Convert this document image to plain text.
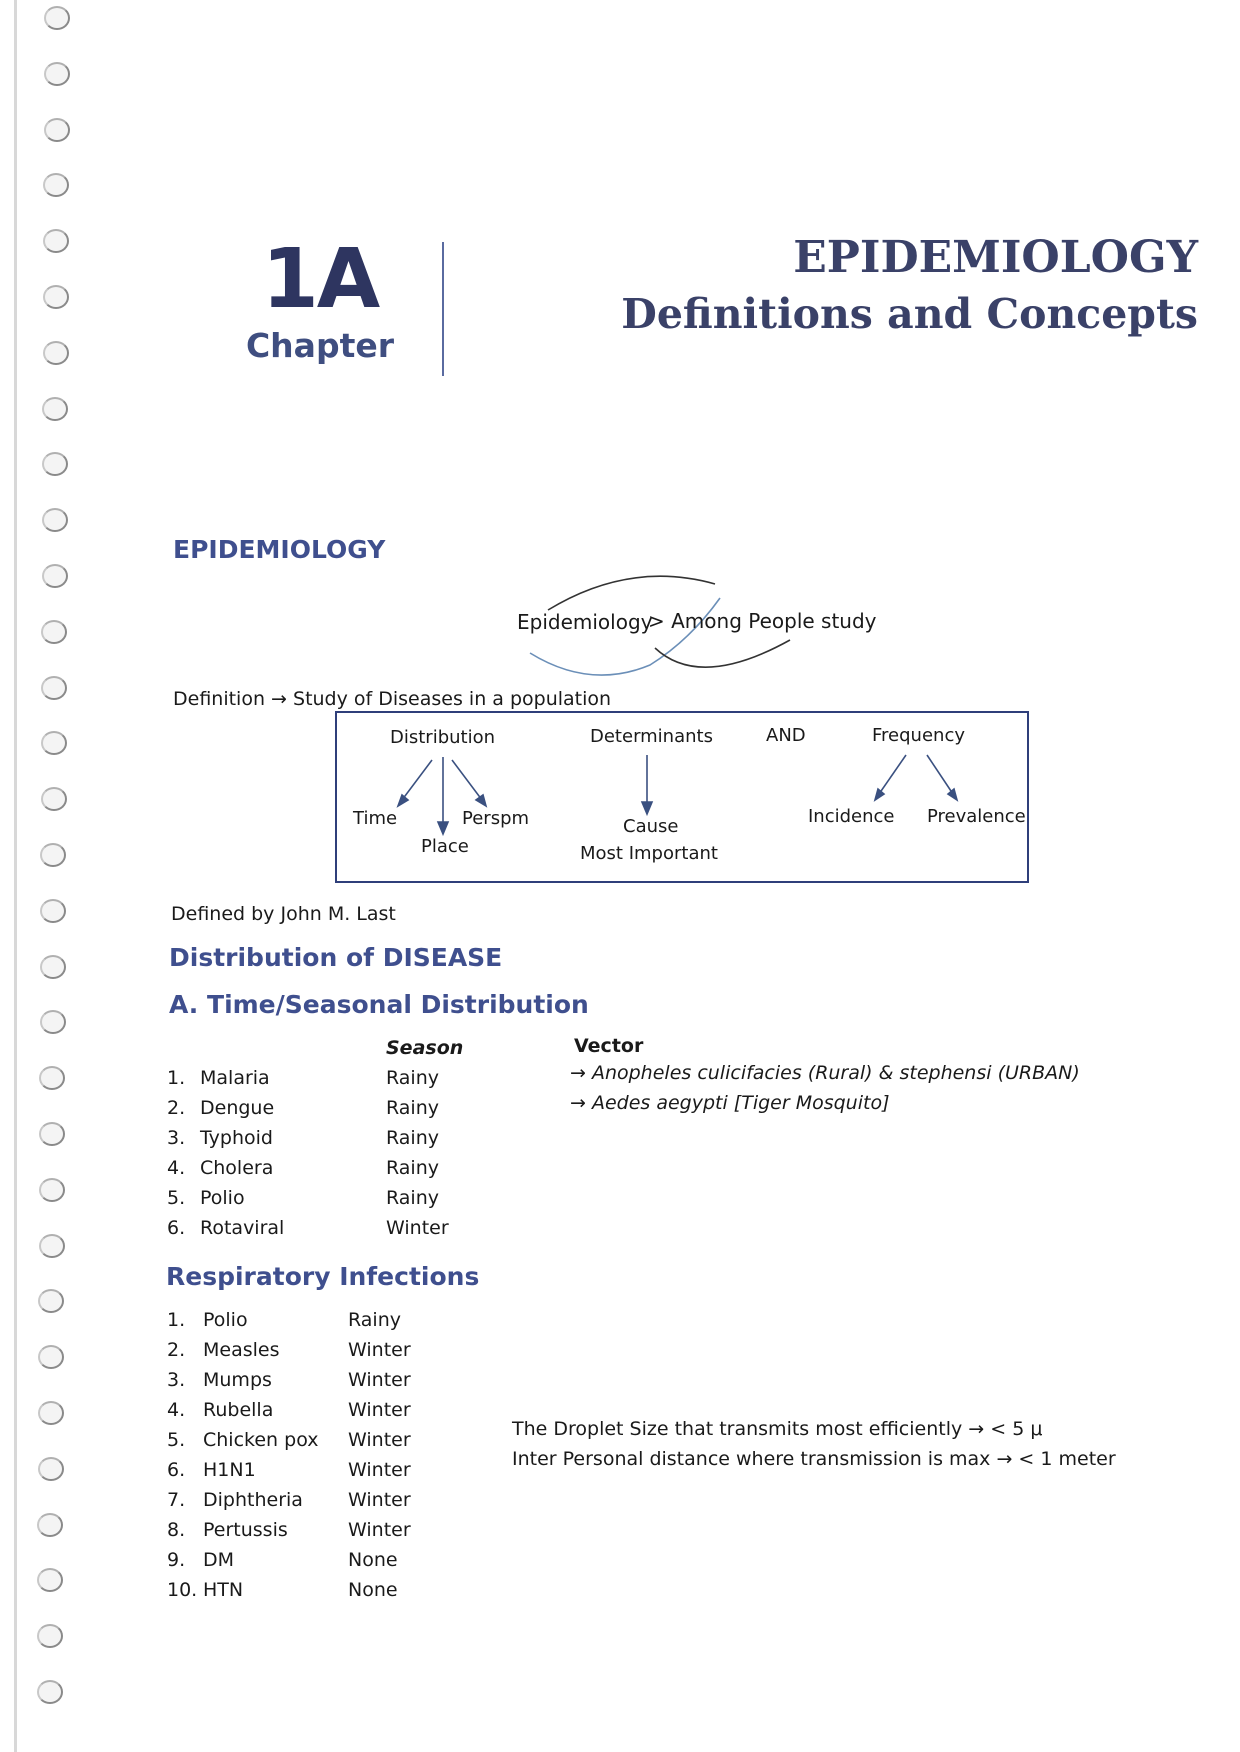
1A
Chapter
EPIDEMIOLOGY
Definitions and Concepts
EPIDEMIOLOGY
Epidemiology
> Among People study
Definition → Study of Diseases in a population
Distribution	Determinants	AND	Frequency
Time
Place
Perspm	Cause
Most Important
Incidence Prevalence
Defined by John M. Last
Distribution of DISEASE
A. Time/Seasonal Distribution
Season	Vector
1. Malaria	Rainy	→ Anopheles culicifacies (Rural) & stephensi (URBAN)
2. Dengue	Rainy	→ Aedes aegypti [Tiger Mosquito]
3. Typhoid	Rainy
4. Cholera	Rainy
5. Polio	Rainy
6. Rotaviral	Winter
Respiratory Infections
1. Polio	Rainy
2. Measles	Winter
3. Mumps	Winter
4. Rubella	Winter
5. Chicken pox Winter
6. H1N1	Winter
7. Diphtheria Winter
8. Pertussis	Winter
9. DM	None
10. HTN	None
The Droplet Size that transmits most efficiently → < 5 μ
Inter Personal distance where transmission is max → < 1 meter
